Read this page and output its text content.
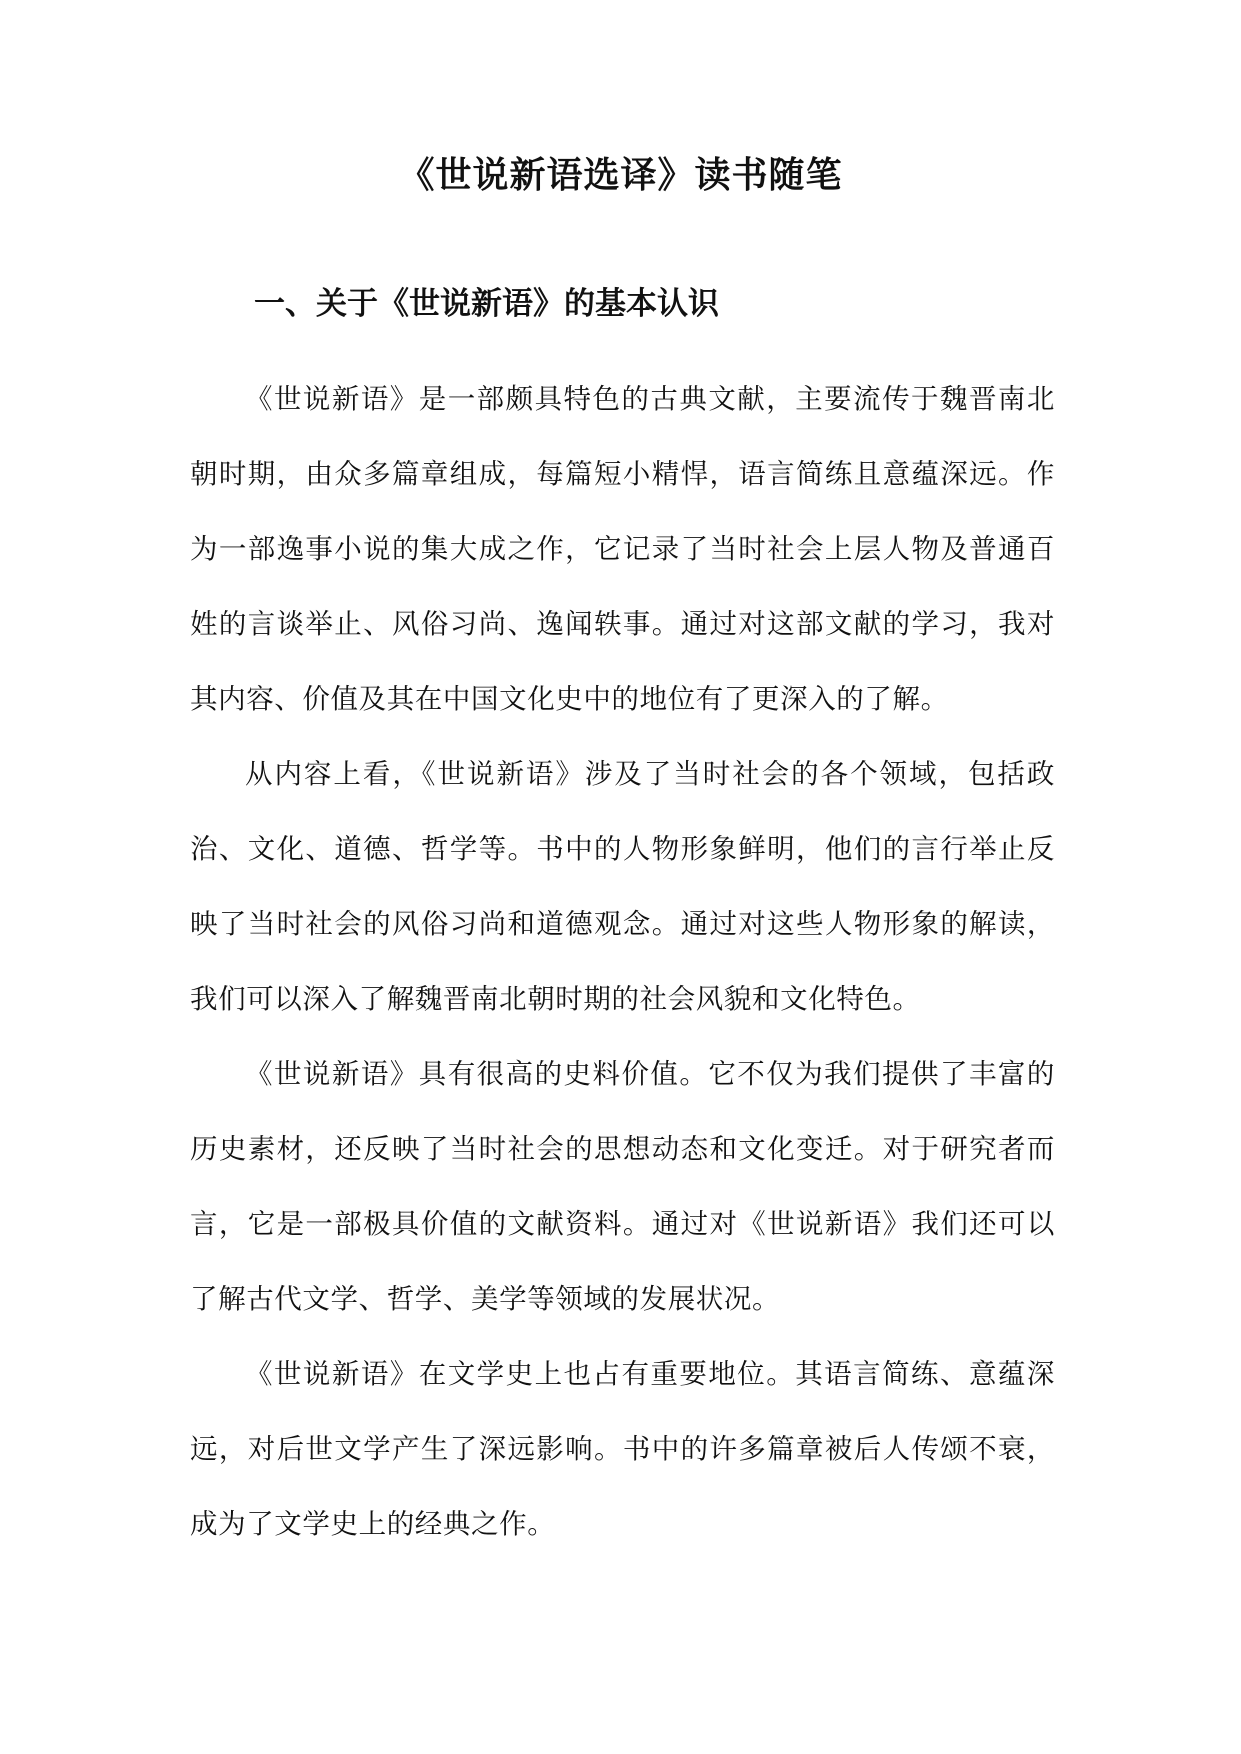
《世说新语选译》读书随笔
一、关于《世说新语》的基本认识

《世说新语》是一部颇具特色的古典文献，主要流传于魏晋南北朝时期，由众多篇章组成，每篇短小精悍，语言简练且意蕴深远。作为一部逸事小说的集大成之作，它记录了当时社会上层人物及普通百姓的言谈举止、风俗习尚、逸闻轶事。通过对这部文献的学习，我对其内容、价值及其在中国文化史中的地位有了更深入的了解。

从内容上看，《世说新语》涉及了当时社会的各个领域，包括政治、文化、道德、哲学等。书中的人物形象鲜明，他们的言行举止反映了当时社会的风俗习尚和道德观念。通过对这些人物形象的解读，我们可以深入了解魏晋南北朝时期的社会风貌和文化特色。

《世说新语》具有很高的史料价值。它不仅为我们提供了丰富的历史素材，还反映了当时社会的思想动态和文化变迁。对于研究者而言，它是一部极具价值的文献资料。通过对《世说新语》我们还可以了解古代文学、哲学、美学等领域的发展状况。

《世说新语》在文学史上也占有重要地位。其语言简练、意蕴深远，对后世文学产生了深远影响。书中的许多篇章被后人传颂不衰，成为了文学史上的经典之作。
